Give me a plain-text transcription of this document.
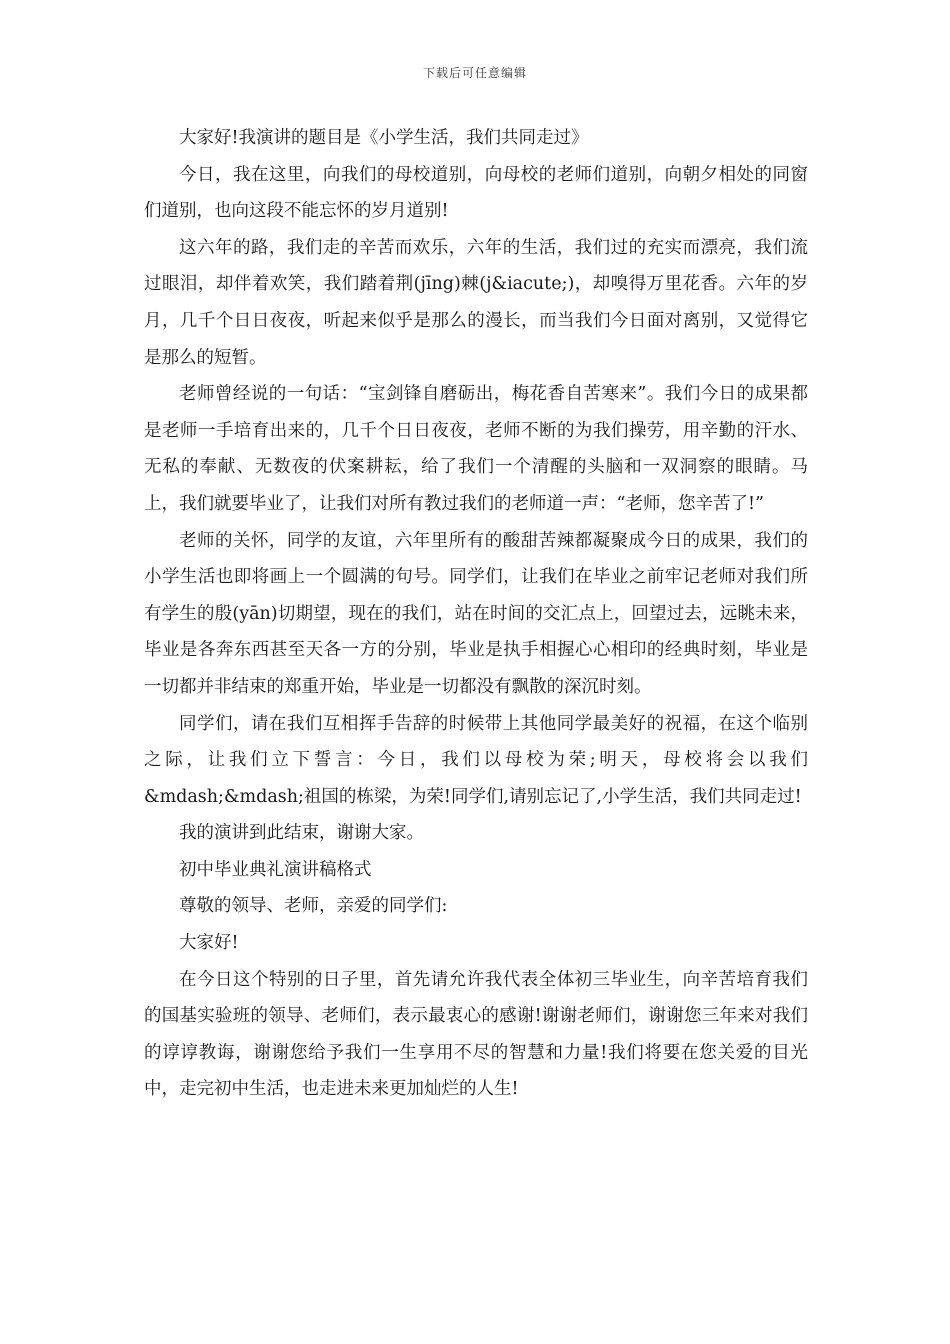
下载后可任意编辑

大家好!我演讲的题目是《小学生活，我们共同走过》

今日，我在这里，向我们的母校道别，向母校的老师们道别，向朝夕相处的同窗们道别，也向这段不能忘怀的岁月道别!

这六年的路，我们走的辛苦而欢乐，六年的生活，我们过的充实而漂亮，我们流过眼泪，却伴着欢笑，我们踏着荆(jīng)棘(j&iacute;)，却嗅得万里花香。六年的岁月，几千个日日夜夜，听起来似乎是那么的漫长，而当我们今日面对离别，又觉得它是那么的短暂。

老师曾经说的一句话：“宝剑锋自磨砺出，梅花香自苦寒来”。我们今日的成果都是老师一手培育出来的，几千个日日夜夜，老师不断的为我们操劳，用辛勤的汗水、无私的奉献、无数夜的伏案耕耘，给了我们一个清醒的头脑和一双洞察的眼睛。马上，我们就要毕业了，让我们对所有教过我们的老师道一声：“老师，您辛苦了!”

老师的关怀，同学的友谊，六年里所有的酸甜苦辣都凝聚成今日的成果，我们的小学生活也即将画上一个圆满的句号。同学们，让我们在毕业之前牢记老师对我们所有学生的殷(yān)切期望，现在的我们，站在时间的交汇点上，回望过去，远眺未来，毕业是各奔东西甚至天各一方的分别，毕业是执手相握心心相印的经典时刻，毕业是一切都并非结束的郑重开始，毕业是一切都没有飘散的深沉时刻。

同学们，请在我们互相挥手告辞的时候带上其他同学最美好的祝福，在这个临别之际，让我们立下誓言：今日，我们以母校为荣;明天，母校将会以我们&mdash;&mdash;祖国的栋梁，为荣!同学们,请别忘记了,小学生活，我们共同走过!

我的演讲到此结束，谢谢大家。

初中毕业典礼演讲稿格式

尊敬的领导、老师，亲爱的同学们:

大家好!

在今日这个特别的日子里，首先请允许我代表全体初三毕业生，向辛苦培育我们的国基实验班的领导、老师们，表示最衷心的感谢!谢谢老师们，谢谢您三年来对我们的谆谆教诲，谢谢您给予我们一生享用不尽的智慧和力量!我们将要在您关爱的目光中，走完初中生活，也走进未来更加灿烂的人生!
